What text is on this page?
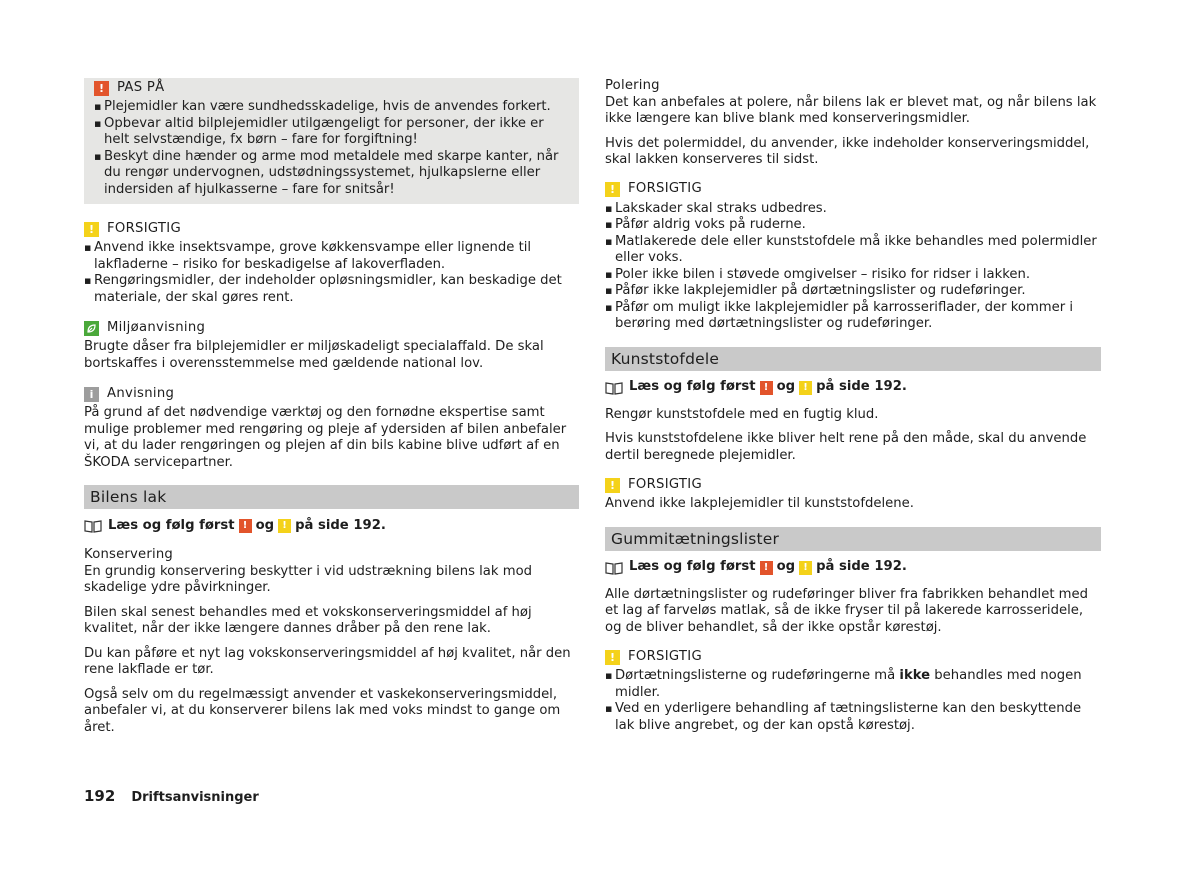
! PAS PÅ

▪ Plejemidler kan være sundhedsskadelige, hvis de anvendes forkert.

▪ Opbevar altid bilplejemidler utilgængeligt for personer, der ikke er helt selvstændige, fx børn – fare for forgiftning!

▪ Beskyt dine hænder og arme mod metaldele med skarpe kanter, når du rengør undervognen, udstødningssystemet, hjulkapslerne eller indersiden af hjulkasserne – fare for snitsår!

! FORSIGTIG

▪ Anvend ikke insektsvampe, grove køkkensvampe eller lignende til lakfladerne – risiko for beskadigelse af lakoverfladen.

▪ Rengøringsmidler, der indeholder opløsningsmidler, kan beskadige det materiale, der skal gøres rent.

Miljøanvisning

Brugte dåser fra bilplejemidler er miljøskadeligt specialaffald. De skal bortskaffes i overensstemmelse med gældende national lov.

i	Anvisning

På grund af det nødvendige værktøj og den fornødne ekspertise samt mulige problemer med rengøring og pleje af ydersiden af bilen anbefaler vi, at du lader rengøringen og plejen af din bils kabine blive udført af en ŠKODA servicepartner.

Bilens lak
Læs og følg først ! og ! på side 192.

Konservering

En grundig konservering beskytter i vid udstrækning bilens lak mod skadelige ydre påvirkninger.

Bilen skal senest behandles med et vokskonserveringsmiddel af høj kvalitet, når der ikke længere dannes dråber på den rene lak.

Du kan påføre et nyt lag vokskonserveringsmiddel af høj kvalitet, når den rene lakflade er tør.

Også selv om du regelmæssigt anvender et vaskekonserveringsmiddel, anbefaler vi, at du konserverer bilens lak med voks mindst to gange om året.

Polering

Det kan anbefales at polere, når bilens lak er blevet mat, og når bilens lak ikke længere kan blive blank med konserveringsmidler.

Hvis det polermiddel, du anvender, ikke indeholder konserveringsmiddel, skal lakken konserveres til sidst.

! FORSIGTIG

▪ Lakskader skal straks udbedres.

▪ Påfør aldrig voks på ruderne.

▪ Matlakerede dele eller kunststofdele må ikke behandles med polermidler eller voks.

▪ Poler ikke bilen i støvede omgivelser – risiko for ridser i lakken.

▪ Påfør ikke lakplejemidler på dørtætningslister og rudeføringer.

▪ Påfør om muligt ikke lakplejemidler på karrosseriflader, der kommer i berøring med dørtætningslister og rudeføringer.

Kunststofdele
Læs og følg først ! og ! på side 192.

Rengør kunststofdele med en fugtig klud.

Hvis kunststofdelene ikke bliver helt rene på den måde, skal du anvende dertil beregnede plejemidler.

! FORSIGTIG

Anvend ikke lakplejemidler til kunststofdelene.

Gummitætningslister
Læs og følg først ! og ! på side 192.

Alle dørtætningslister og rudeføringer bliver fra fabrikken behandlet med et lag af farveløs matlak, så de ikke fryser til på lakerede karrosseridele, og de bliver behandlet, så der ikke opstår kørestøj.

! FORSIGTIG

▪ Dørtætningslisterne og rudeføringerne må ikke behandles med nogen midler.

▪ Ved en yderligere behandling af tætningslisterne kan den beskyttende lak blive angrebet, og der kan opstå kørestøj.

192 Driftsanvisninger
